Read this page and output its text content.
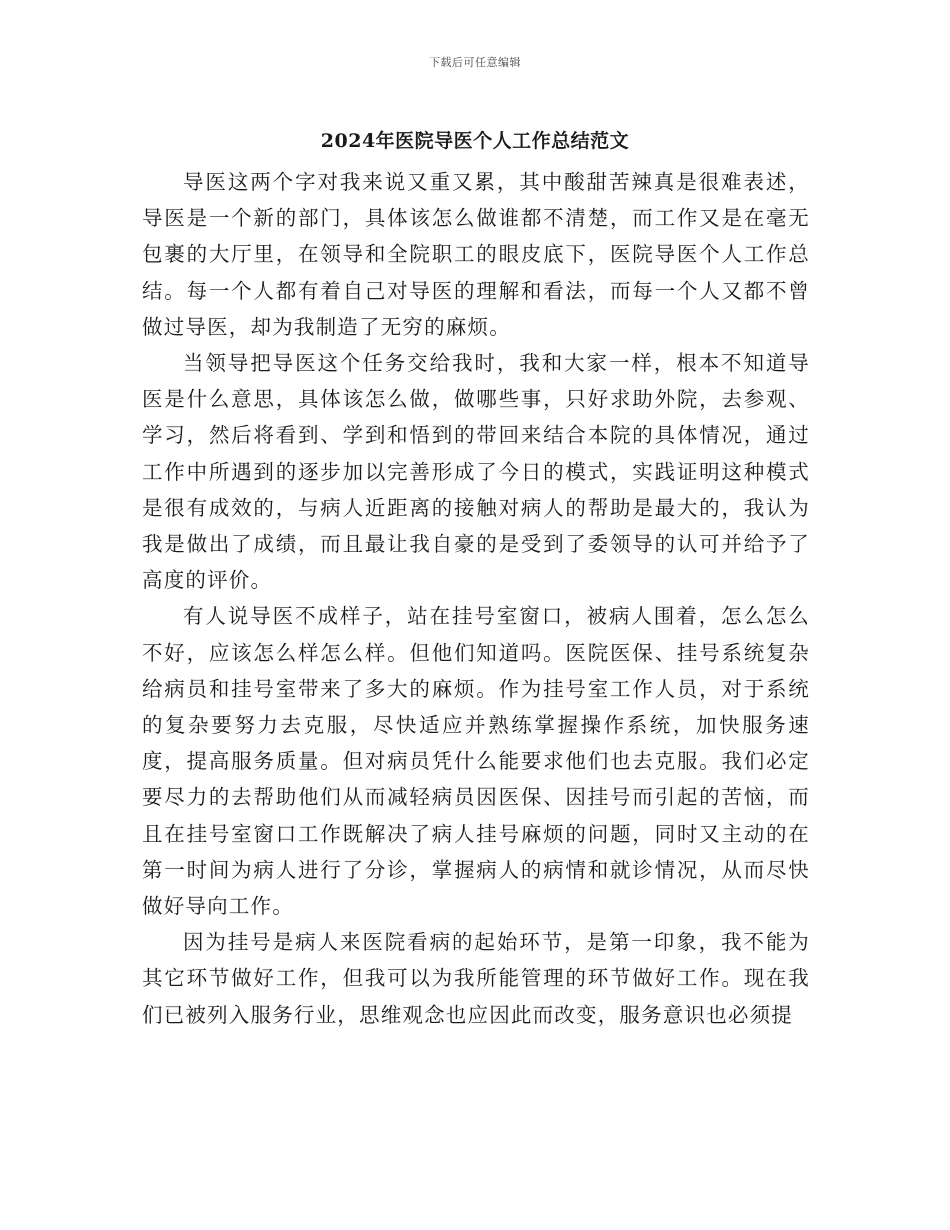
下载后可任意编辑
2024年医院导医个人工作总结范文

导医这两个字对我来说又重又累，其中酸甜苦辣真是很难表述，导医是一个新的部门，具体该怎么做谁都不清楚，而工作又是在毫无包裹的大厅里，在领导和全院职工的眼皮底下，医院导医个人工作总结。每一个人都有着自己对导医的理解和看法，而每一个人又都不曾做过导医，却为我制造了无穷的麻烦。

当领导把导医这个任务交给我时，我和大家一样，根本不知道导医是什么意思，具体该怎么做，做哪些事，只好求助外院，去参观、学习，然后将看到、学到和悟到的带回来结合本院的具体情况，通过工作中所遇到的逐步加以完善形成了今日的模式，实践证明这种模式是很有成效的，与病人近距离的接触对病人的帮助是最大的，我认为我是做出了成绩，而且最让我自豪的是受到了委领导的认可并给予了高度的评价。

有人说导医不成样子，站在挂号室窗口，被病人围着，怎么怎么不好，应该怎么样怎么样。但他们知道吗。医院医保、挂号系统复杂给病员和挂号室带来了多大的麻烦。作为挂号室工作人员，对于系统的复杂要努力去克服，尽快适应并熟练掌握操作系统，加快服务速度，提高服务质量。但对病员凭什么能要求他们也去克服。我们必定要尽力的去帮助他们从而减轻病员因医保、因挂号而引起的苦恼，而且在挂号室窗口工作既解决了病人挂号麻烦的问题，同时又主动的在第一时间为病人进行了分诊，掌握病人的病情和就诊情况，从而尽快做好导向工作。

因为挂号是病人来医院看病的起始环节，是第一印象，我不能为其它环节做好工作，但我可以为我所能管理的环节做好工作。现在我们已被列入服务行业，思维观念也应因此而改变，服务意识也必须提
